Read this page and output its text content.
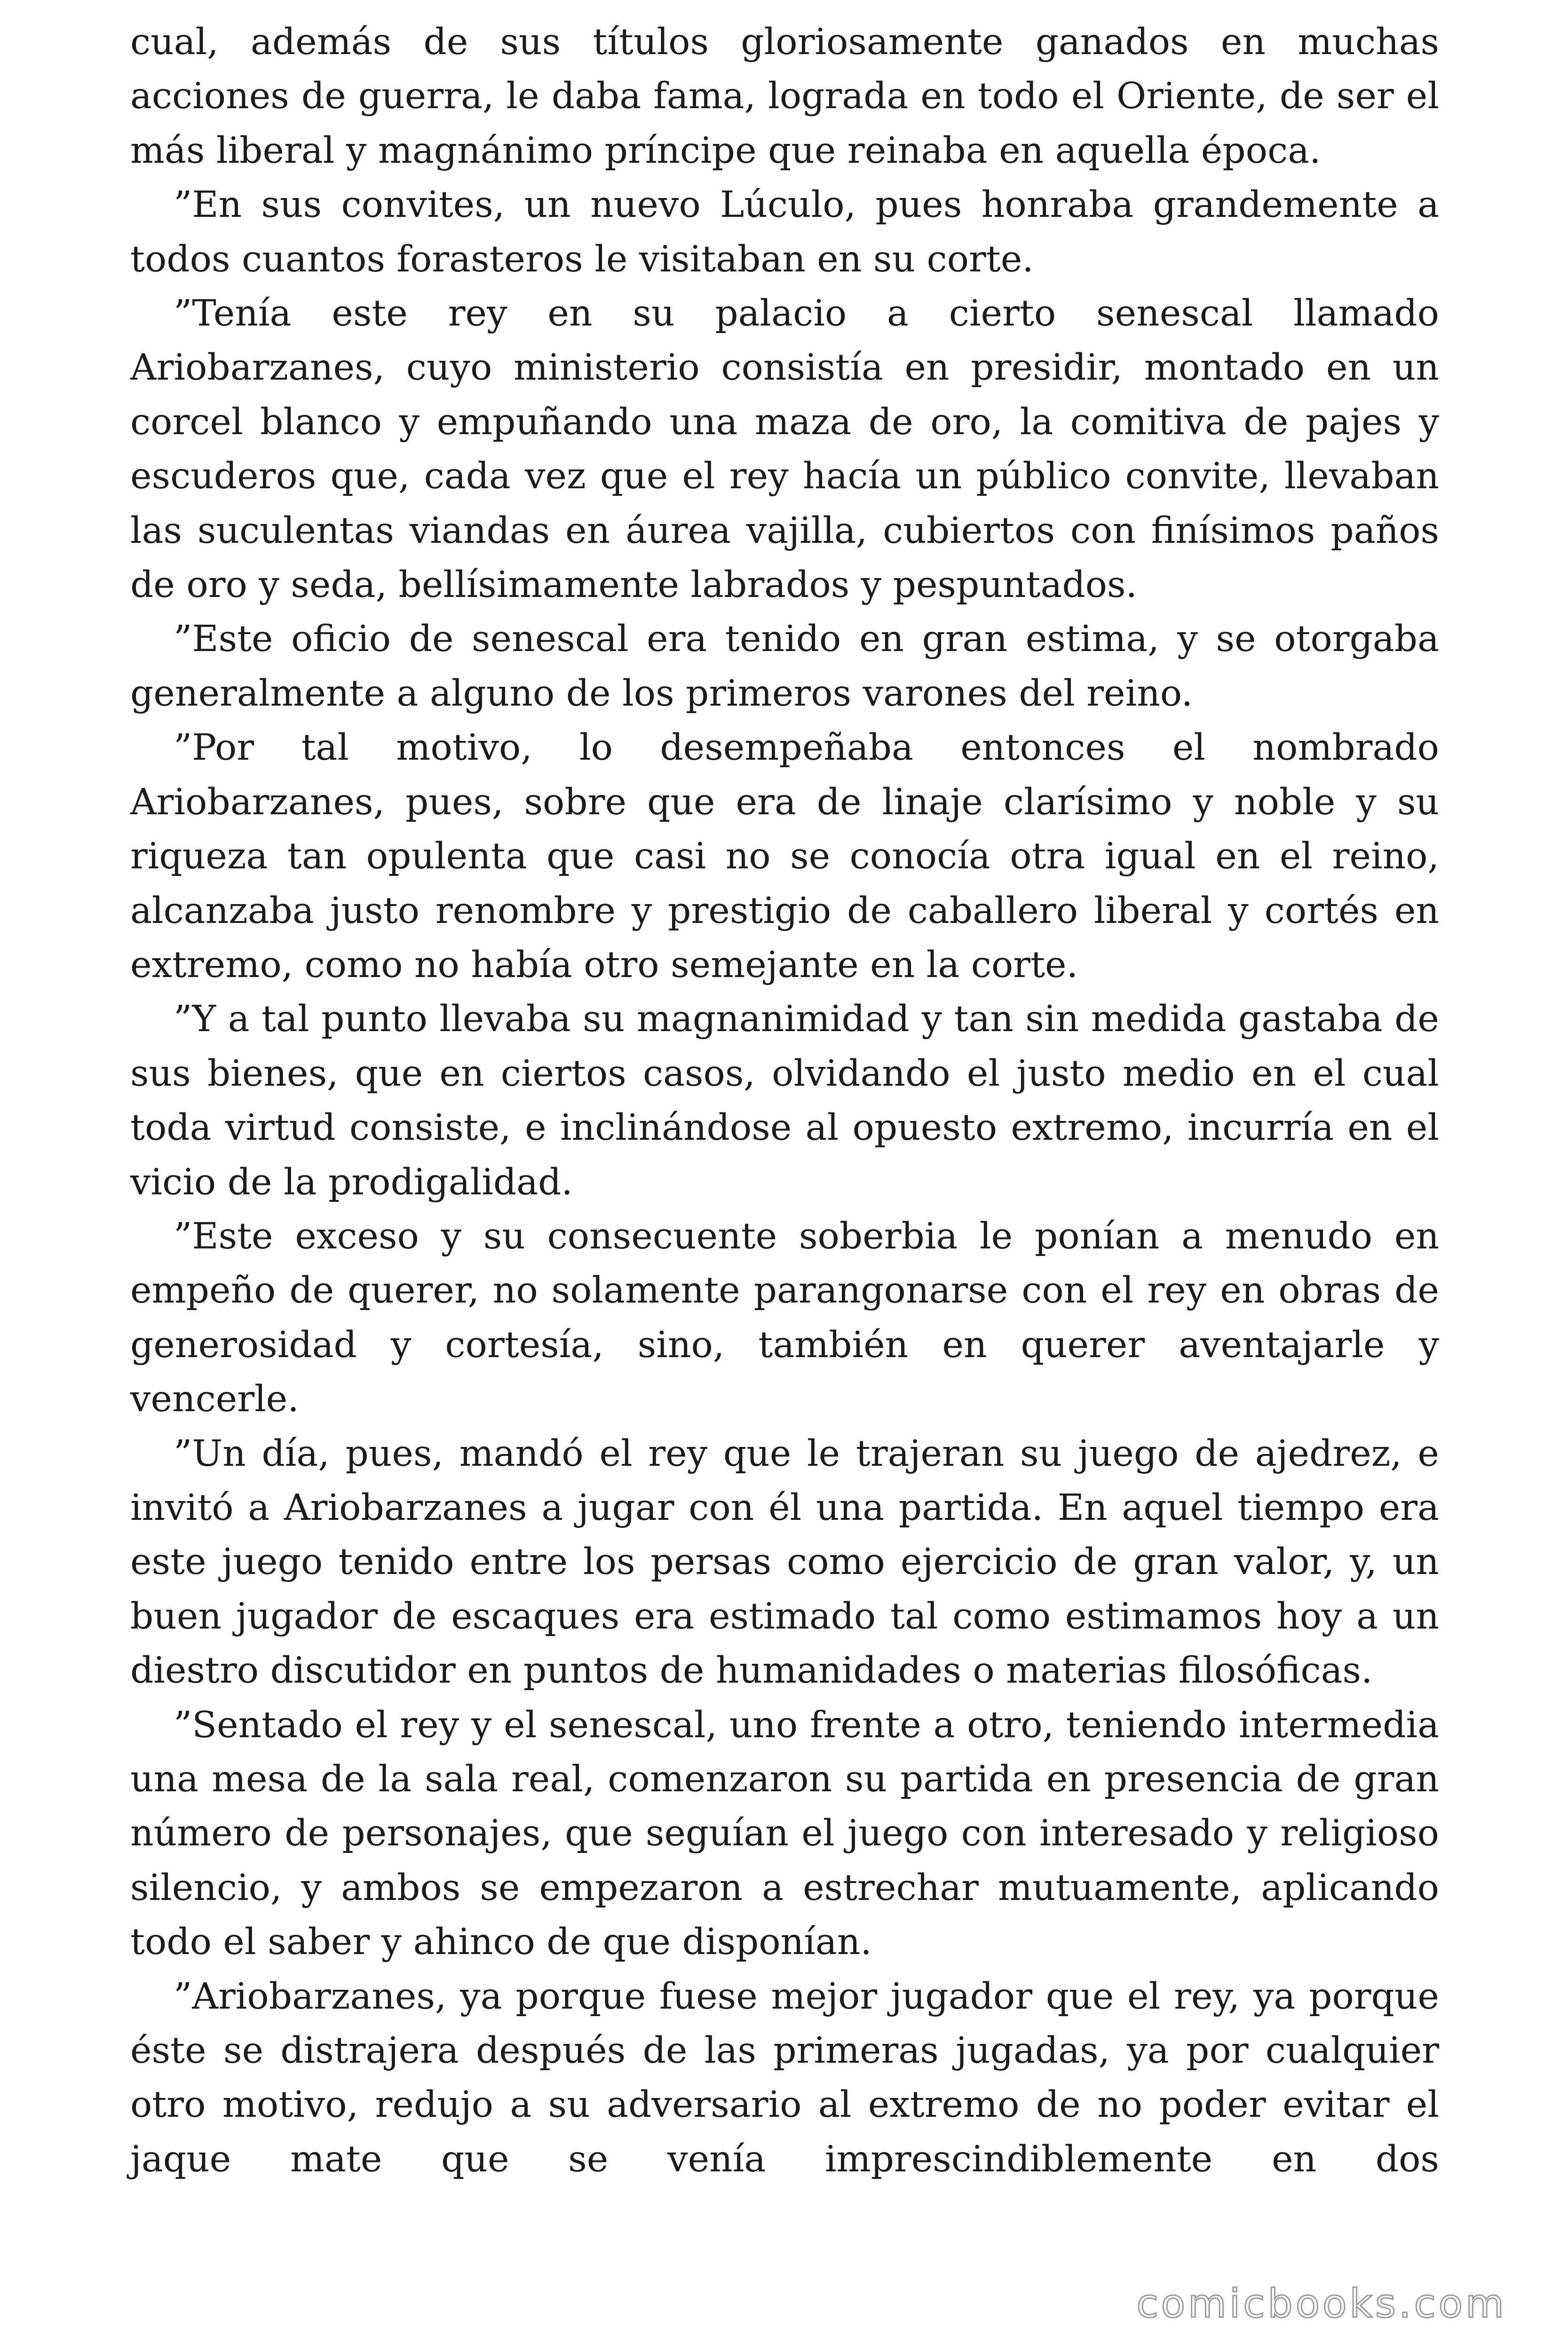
cual, además de sus títulos gloriosamente ganados en muchas acciones de guerra, le daba fama, lograda en todo el Oriente, de ser el más liberal y magnánimo príncipe que reinaba en aquella época.

”En sus convites, un nuevo Lúculo, pues honraba grandemente a todos cuantos forasteros le visitaban en su corte.

”Tenía este rey en su palacio a cierto senescal llamado Ariobarzanes, cuyo ministerio consistía en presidir, montado en un corcel blanco y empuñando una maza de oro, la comitiva de pajes y escuderos que, cada vez que el rey hacía un público convite, llevaban las suculentas viandas en áurea vajilla, cubiertos con finísimos paños de oro y seda, bellísimamente labrados y pespuntados.

”Este oficio de senescal era tenido en gran estima, y se otorgaba generalmente a alguno de los primeros varones del reino.

”Por tal motivo, lo desempeñaba entonces el nombrado Ariobarzanes, pues, sobre que era de linaje clarísimo y noble y su riqueza tan opulenta que casi no se conocía otra igual en el reino, alcanzaba justo renombre y prestigio de caballero liberal y cortés en extremo, como no había otro semejante en la corte.

”Y a tal punto llevaba su magnanimidad y tan sin medida gastaba de sus bienes, que en ciertos casos, olvidando el justo medio en el cual toda virtud consiste, e inclinándose al opuesto extremo, incurría en el vicio de la prodigalidad.

”Este exceso y su consecuente soberbia le ponían a menudo en empeño de querer, no solamente parangonarse con el rey en obras de generosidad y cortesía, sino, también en querer aventajarle y vencerle.

”Un día, pues, mandó el rey que le trajeran su juego de ajedrez, e invitó a Ariobarzanes a jugar con él una partida. En aquel tiempo era este juego tenido entre los persas como ejercicio de gran valor, y, un buen jugador de escaques era estimado tal como estimamos hoy a un diestro discutidor en puntos de humanidades o materias filosóficas.

”Sentado el rey y el senescal, uno frente a otro, teniendo intermedia una mesa de la sala real, comenzaron su partida en presencia de gran número de personajes, que seguían el juego con interesado y religioso silencio, y ambos se empezaron a estrechar mutuamente, aplicando todo el saber y ahinco de que disponían.

”Ariobarzanes, ya porque fuese mejor jugador que el rey, ya porque éste se distrajera después de las primeras jugadas, ya por cualquier otro motivo, redujo a su adversario al extremo de no poder evitar el jaque mate que se venía imprescindiblemente en dos

comicbooks.com
